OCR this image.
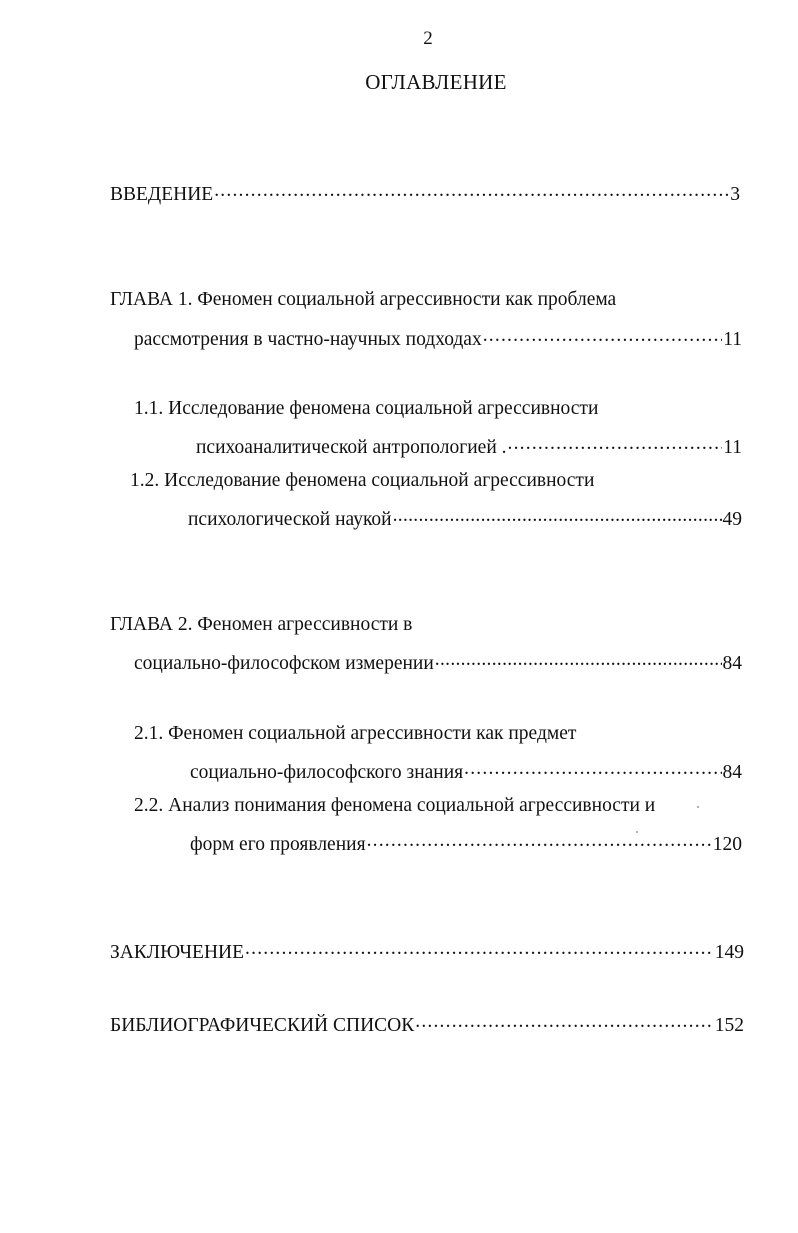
2
ОГЛАВЛЕНИЕ
ВВЕДЕНИЕ .....	3
ГЛАВА 1. Феномен социальной агрессивности как проблема
рассмотрения в частно-научных подходах .....	11
1.1. Исследование феномена социальной агрессивности
психоаналитической антропологией . .....	11
1.2. Исследование феномена социальной агрессивности
психологической наукой .....	49
ГЛАВА 2. Феномен агрессивности в
социально-философском измерении .....	84
2.1. Феномен социальной агрессивности как предмет
социально-философского знания .....	84
2.2. Анализ понимания феномена социальной агрессивности и
форм его проявления .....	120
ЗАКЛЮЧЕНИЕ .....	149
БИБЛИОГРАФИЧЕСКИЙ СПИСОК .....	152
